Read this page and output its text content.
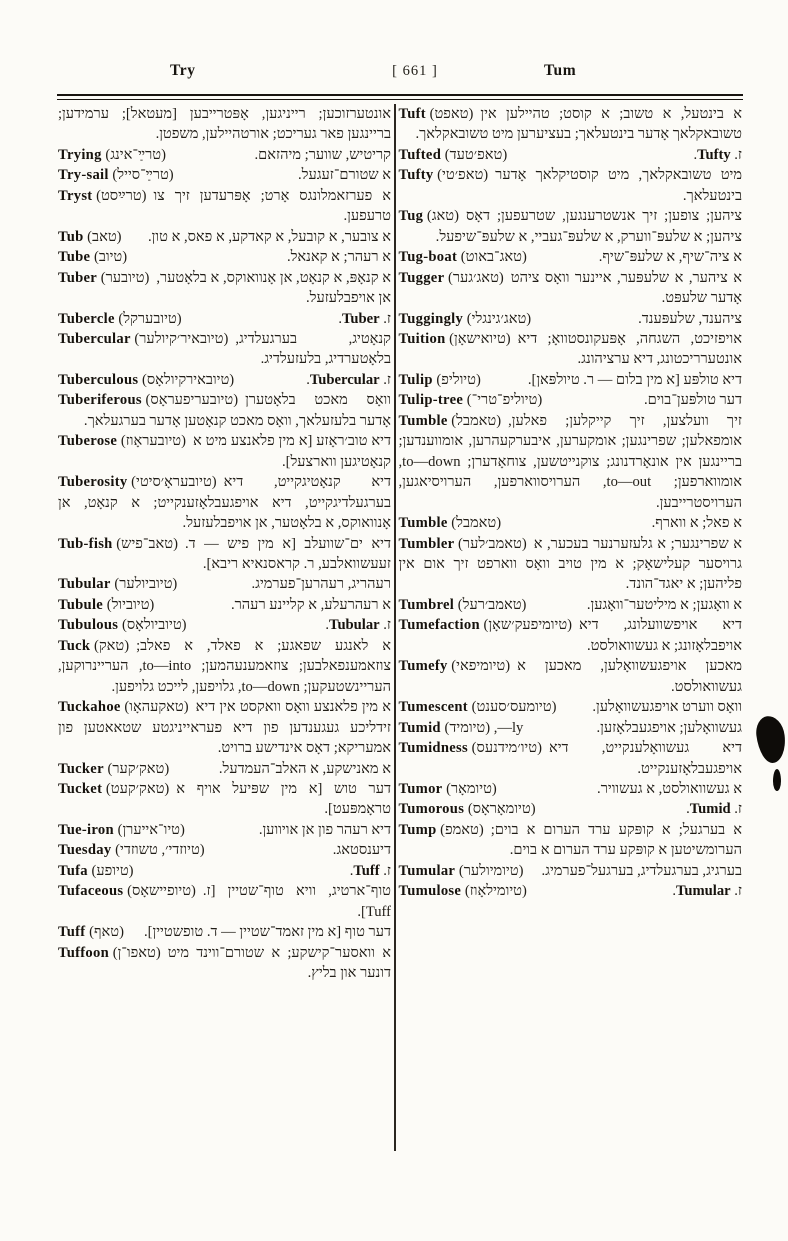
Try	[ 661 ]	Tum
אונטערזוכען; רייניגען, אָפּטרייבען [מעטאל]; ערמידען; בריינגען פאר געריכט; אורטהיילען, משפטן.
Trying (טרײַ־אינג)	קריטיש, שווער; מיהזאם.
Try-sail (טרײַ־סייל)	א שטורם־זעגעל.
Tryst (טרײַסט) א פערזאמלונגס אָרט; אָפּרעדען זיך צו טרעפען.
Tub (טאב) א צובער, א קובעל, א קאדקע, א פאס, א טון.
Tube (טיוב)	א רעהר; א קאנאל.
Tuber (טיובער) א קנאָפּ, א קנאָט, אן אָנוואוקס, א בלאָטער, אן אויפבלעזעל.
Tubercle (טיובערקל)	ז. Tuber.
Tubercular (טיובאיר׳קיולער) קנאָטיג, בערגעלדיג, בלאָטערדיג, בלעזעלדיג.
Tuberculous (טיובאירקיולאָס)	ז. Tubercular.
Tuberiferous (טיובעריפעראָס) וואָס מאכט בלאָטערן אָדער בלעזעלאך, וואָס מאכט קנאָטען אָדער בערגעלאך.
Tuberose (טיובעראָוז) דיא טוב׳ראָזע [א מין פלאנצע מיט א קנאָטיגען ווארצעל].
Tuberosity (טיובעראָ׳סיטי) דיא קנאָטיגקייט, דיא בערגעלדיגקייט, דיא אויפגעבלאָזענקייט; א קנאָט, אן אָנוואוקס, א בלאָטער, אן אויפבלעזעל.
Tub-fish (טאב־פיש) דיא ים־שוועלב [א מין פיש — ד. זעעשוואלבע, ר. קראסנאיא ריבא].
Tubular (טיוביולער)	רעהריג, רעהרען־פערמיג.
Tubule (טיוביול)	א רעהרעלע, א קליינע רעהר.
Tubulous (טיוביולאָס)	ז. Tubular.
Tuck (טאק) א לאנגע שפאגע; א פאלד, א פאלב; צוזאמענפאלבען; צוזאמענעהמען; to—into, העריינרוקען, העריינשטעקען; to—down, גלויפען, לייכט גלויפען.
Tuckahoe (טאקעהאָו) א מין פלאנצע וואָס וואקסט אין דיא זידליכע געגענדען פון דיא פעראייניגטע שטאאטען פון אמעריקא; דאָס אינדישע ברויט.
Tucker (טאק׳קער)	א מאנישקע, א האלב־העמדעל.
Tucket (טאק׳קעט) דער טוש [א מין שפּיעל אויף א טראָמפּעט].
Tue-iron (טיו־אייערן)	דיא רעהר פון אן אויווען.
Tuesday (טיוזדי׳, טשוזדי)	דיענסטאג.
Tufa (טיופע)	ז. Tuff.
Tufaceous (טיופיישאָס) טוף־ארטיג, וויא טוף־שטיין [ז. Tuff].
Tuff (טאף) דער טוף [א מין זאמד־שטיין — ד. טופשטיין].
Tuffoon (טאפו־ן) א וואסער־קישקע; א שטורם־ווינד מיט דונער און בליץ.
Tuft (טאפט) א בינטעל, א טשוב; א קוסט; טהיילען אין טשובאקלאך אָדער בינטעלאך; בעציערען מיט טשובאקלאך.
Tufted (טאפ׳טעד)	ז. Tufty.
Tufty (טאפ׳טי) מיט טשובאקלאך, מיט קוסטיקלאך אָדער בינטעלאך.
Tug (טאג) ציהען; צופען; זיך אנשטרענגען, שטרעפען; דאָס ציהען; א שלעפּ־ווערק, א שלעפּ־געביי, א שלעפּ־שיפעל.
Tug-boat (טאג־באוט)	א ציה־שיף, א שלעפּ־שיף.
Tugger (טאג׳גער) א ציהער, א שלעפּער, איינער וואָס ציהט אָדער שלעפּט.
Tuggingly (טאג׳גינגלי)	ציהענד, שלעפּענד.
Tuition (טיואישאָן) אויפזיכט, השגחה, אָפּעקונסטוואָ; דיא אונטערריכטונג, דיא ערציהונג.
Tulip (טיוליפ)	דיא טולפּע [א מין בלום — ר. טיולפּאן].
Tulip-tree (טיוליפ־טרי־)	דער טולפּען־בוים.
Tumble (טאמבל) זיך וועלצען, זיך קייקלען; פאלען, אומפאלען; שפרינגען; אומקערען, איבערקעהרען, אומווענדען; בריינגען אין אונאָרדנונג; צוקנייטשען, צוחאָדערן; to—down, אומווארפען; to—out, הערויסווארפען, הערויסיאגען, הערויסטרייבען.
Tumble (טאמבל)	א פאל; א ווארף.
Tumbler (טאמב׳לער) א שפרינגער; א גלעזערנער בעכער, א גרויסער קעלישאָק; א מין טויב וואָס ווארפט זיך אום אין פליהען; א יאגד־הונד.
Tumbrel (טאמב׳רעל)	א וואָגען; א מיליטער־וואָגען.
Tumefaction (טיומיפעק׳שאָן) דיא אויפשוועלונג, דיא אויפבלאָזונג; א געשוואולסט.
Tumefy (טיומיפאי) מאכען אויפגעשוואָלען, מאכען א געשוואולסט.
Tumescent (טיומעס׳סענט) וואָס ווערט אויפגעשוואָלען.
Tumid (טיומיד) ,—ly	געשוואָלען; אויפגעבלאָזען.
Tumidness (טיו׳מידנעס) דיא געשוואָלענקייט, דיא אויפגעבלאָזענקייט.
Tumor (טיומאָר)	א געשוואולסט, א געשוויר.
Tumorous (טיומאָראָס)	ז. Tumid.
Tump (טאמפ) א בערגעל; א קופּקע ערד הערום א בוים; הערומשיטען א קופּקע ערד הערום א בוים.
Tumular (טיומיולער) בערגיג, בערגעלדיג, בערגעל־פערמיג.
Tumulose (טיומילאָוז)	ז. Tumular.
